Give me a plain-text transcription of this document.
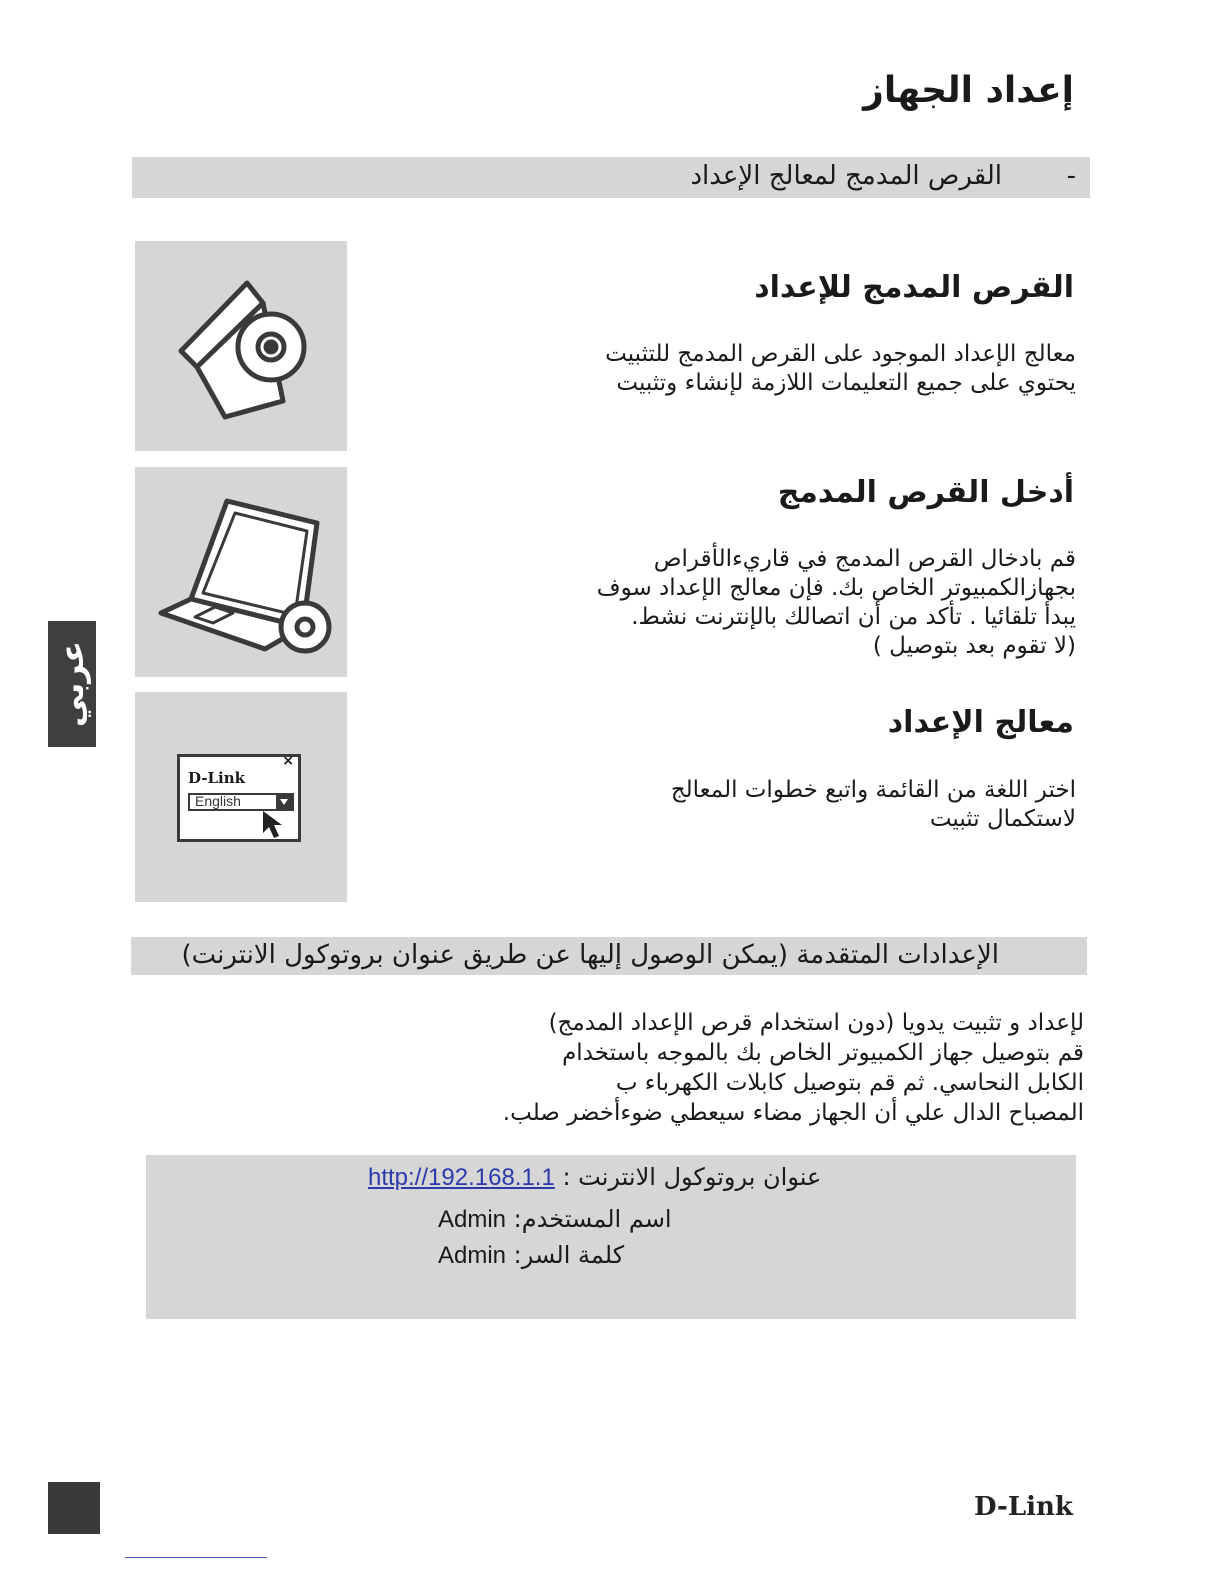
إعداد الجهاز
القرص المدمج لمعالج الإعداد -
القرص المدمج للإعداد
معالج الإعداد الموجود على القرص المدمج للتثبيت
يحتوي على جميع التعليمات اللازمة لإنشاء وتثبيت
أدخل القرص المدمج
قم بادخال القرص المدمج في قاريءالأقراص
بجهازالكمبيوتر الخاص بك. فإن معالج الإعداد سوف
يبدأ تلقائيا . تأكد من أن اتصالك بالإنترنت نشط.
(لا تقوم بعد بتوصيل )
×
D-Link
English
معالج الإعداد
اختر اللغة من القائمة واتبع خطوات المعالج
لاستكمال تثبيت
عربي
الإعدادات المتقدمة (يمكن الوصول إليها عن طريق عنوان بروتوكول الانترنت)
لإعداد و تثبيت يدويا (دون استخدام قرص الإعداد المدمج)
قم بتوصيل جهاز الكمبيوتر الخاص بك بالموجه باستخدام
الكابل النحاسي. ثم قم بتوصيل كابلات الكهرباء ب
المصباح الدال علي أن الجهاز مضاء سيعطي ضوءأخضر صلب.
http://192.168.1.1 عنوان بروتوكول الانترنت :
Admin اسم المستخدم:
Admin كلمة السر:
D-Link
